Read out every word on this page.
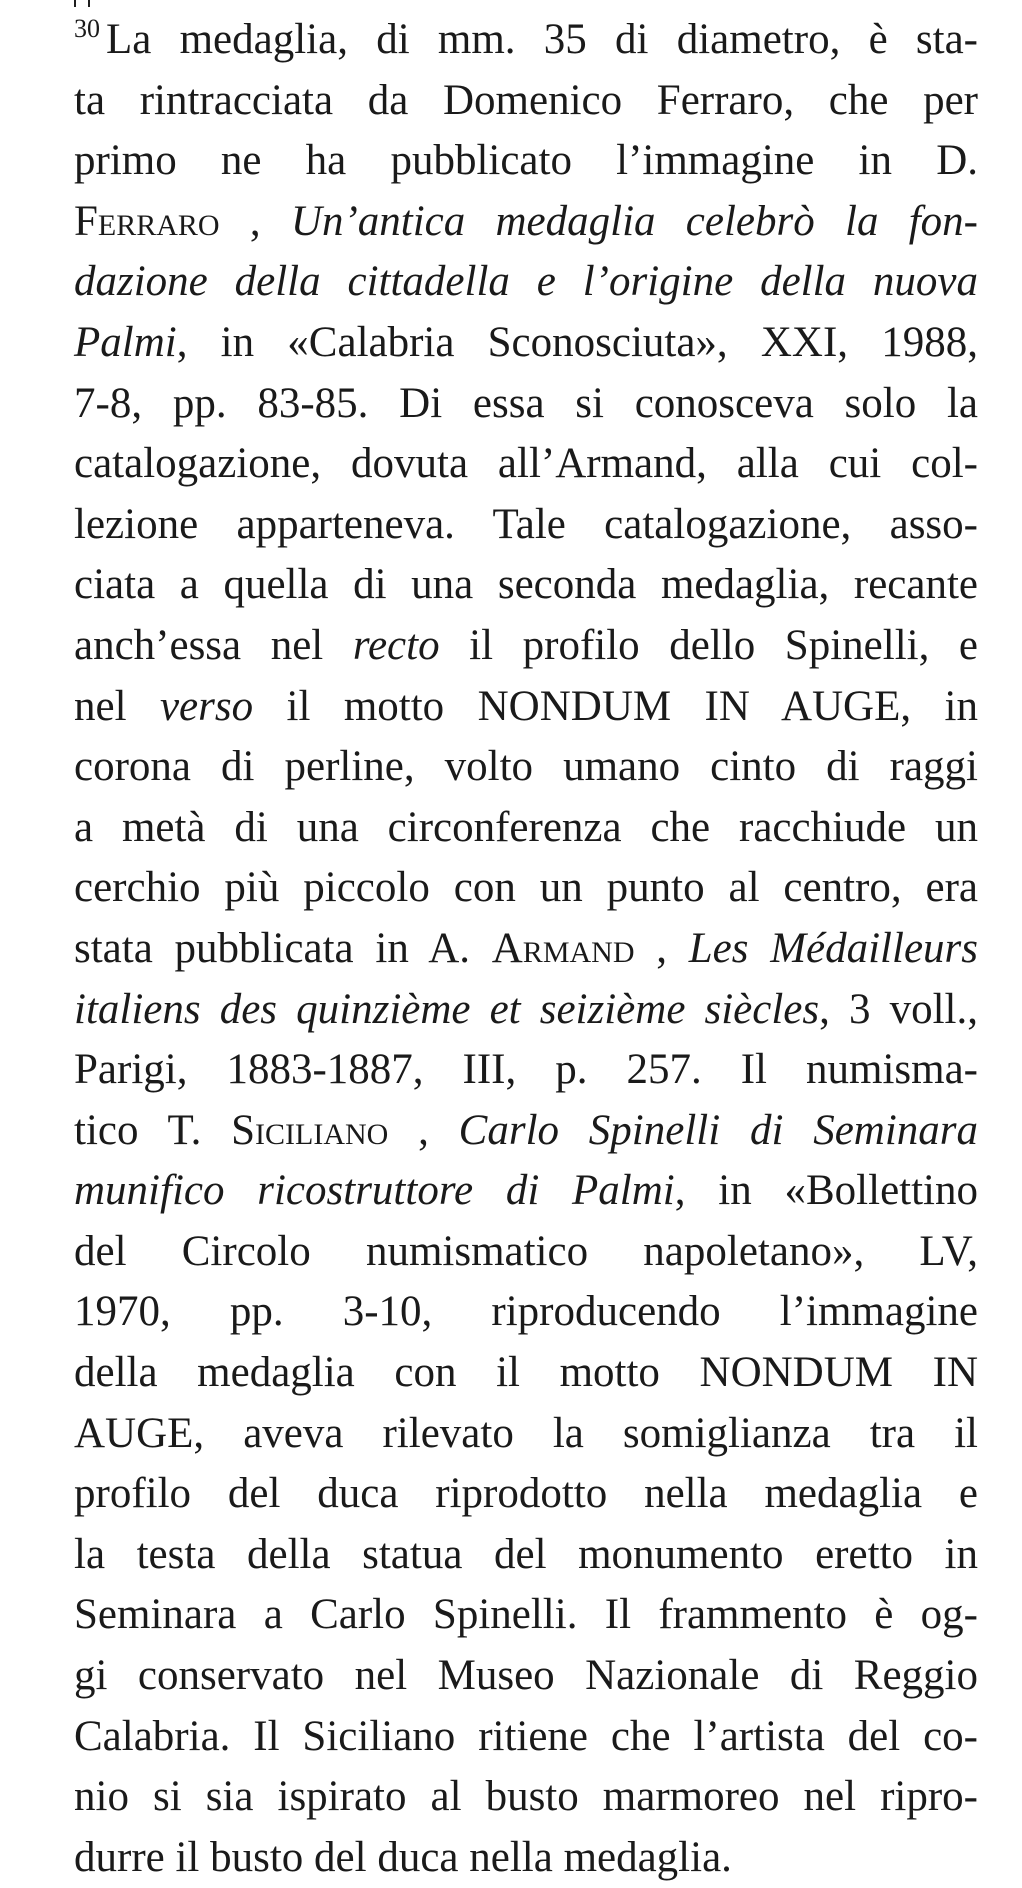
$^{30}$ La medaglia, di mm. 35 di diametro, è sta-
ta rintracciata da Domenico Ferraro, che per
primo ne ha pubblicato l’immagine in D.
Ferraro , Un’antica medaglia celebrò la fon-
dazione della cittadella e l’origine della nuova
Palmi, in «Calabria Sconosciuta», XXI, 1988,
7-8, pp. 83-85. Di essa si conosceva solo la
catalogazione, dovuta all’Armand, alla cui col-
lezione apparteneva. Tale catalogazione, asso-
ciata a quella di una seconda medaglia, recante
anch’essa nel recto il profilo dello Spinelli, e
nel verso il motto NONDUM IN AUGE, in
corona di perline, volto umano cinto di raggi
a metà di una circonferenza che racchiude un
cerchio più piccolo con un punto al centro, era
stata pubblicata in A. Armand , Les Médailleurs
italiens des quinzième et seizième siècles, 3 voll.,
Parigi, 1883-1887, III, p. 257. Il numisma-
tico T. Siciliano , Carlo Spinelli di Seminara
munifico ricostruttore di Palmi, in «Bollettino
del Circolo numismatico napoletano», LV,
1970, pp. 3-10, riproducendo l’immagine
della medaglia con il motto NONDUM IN
AUGE, aveva rilevato la somiglianza tra il
profilo del duca riprodotto nella medaglia e
la testa della statua del monumento eretto in
Seminara a Carlo Spinelli. Il frammento è og-
gi conservato nel Museo Nazionale di Reggio
Calabria. Il Siciliano ritiene che l’artista del co-
nio si sia ispirato al busto marmoreo nel ripro-
durre il busto del duca nella medaglia.
